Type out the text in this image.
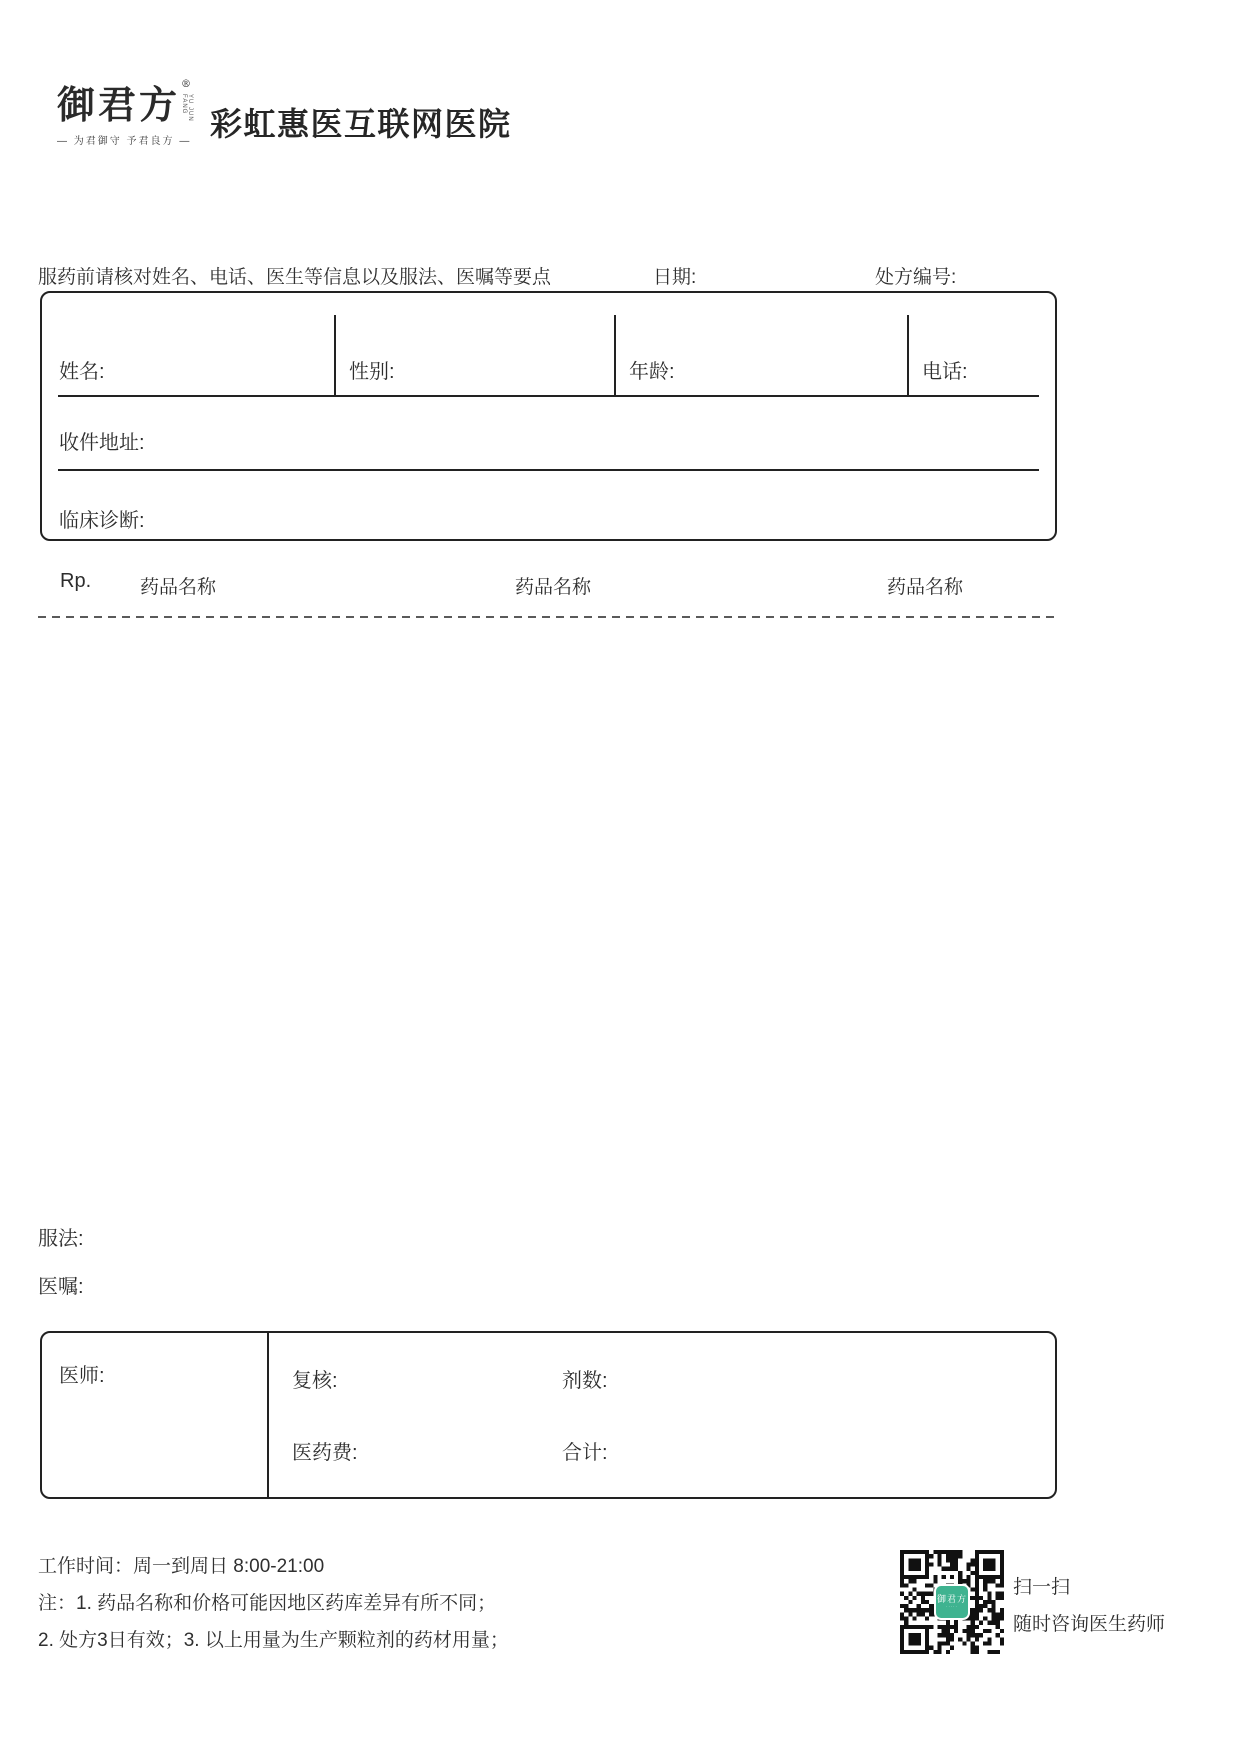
御君方 ®
YU JUN FANG
— 为君御守 予君良方 — 彩虹惠医互联网医院
服药前请核对姓名、电话、医生等信息以及服法、医嘱等要点	日期:	处方编号:
姓名:	性别:	年龄:	电话:
收件地址:
临床诊断:
Rp.	药品名称	药品名称	药品名称
服法:
医嘱:
医师:	复核:	剂数:
医药费:	合计:
工作时间：周一到周日 8:00-21:00
注：1. 药品名称和价格可能因地区药库差异有所不同；
2. 处方3日有效；3. 以上用量为生产颗粒剂的药材用量；
御君方
·····
扫一扫
随时咨询医生药师
